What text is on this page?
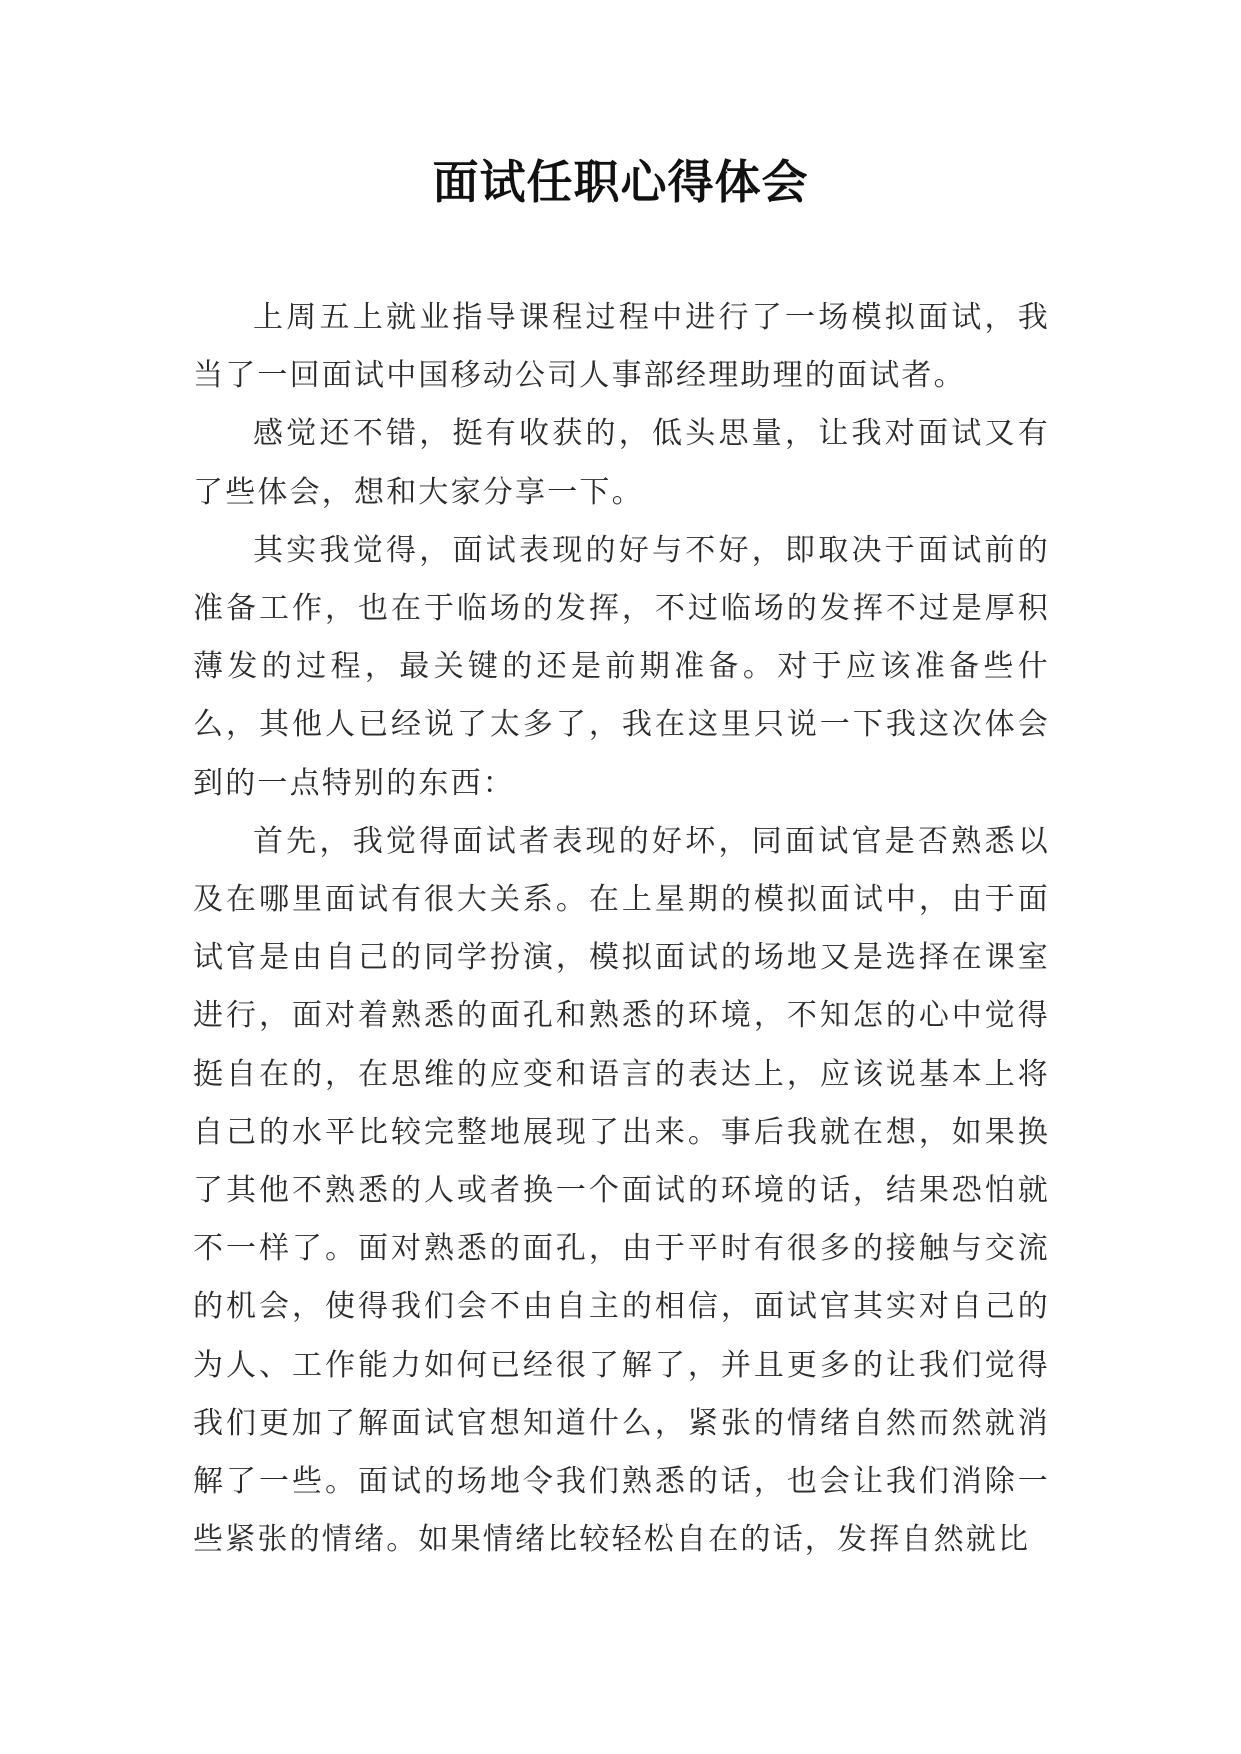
面试任职心得体会

上周五上就业指导课程过程中进行了一场模拟面试，我当了一回面试中国移动公司人事部经理助理的面试者。

感觉还不错，挺有收获的，低头思量，让我对面试又有了些体会，想和大家分享一下。

其实我觉得，面试表现的好与不好，即取决于面试前的准备工作，也在于临场的发挥，不过临场的发挥不过是厚积薄发的过程，最关键的还是前期准备。对于应该准备些什么，其他人已经说了太多了，我在这里只说一下我这次体会到的一点特别的东西：

首先，我觉得面试者表现的好坏，同面试官是否熟悉以及在哪里面试有很大关系。在上星期的模拟面试中，由于面试官是由自己的同学扮演，模拟面试的场地又是选择在课室进行，面对着熟悉的面孔和熟悉的环境，不知怎的心中觉得挺自在的，在思维的应变和语言的表达上，应该说基本上将自己的水平比较完整地展现了出来。事后我就在想，如果换了其他不熟悉的人或者换一个面试的环境的话，结果恐怕就不一样了。面对熟悉的面孔，由于平时有很多的接触与交流的机会，使得我们会不由自主的相信，面试官其实对自己的为人、工作能力如何已经很了解了，并且更多的让我们觉得我们更加了解面试官想知道什么，紧张的情绪自然而然就消解了一些。面试的场地令我们熟悉的话，也会让我们消除一些紧张的情绪。如果情绪比较轻松自在的话，发挥自然就比
